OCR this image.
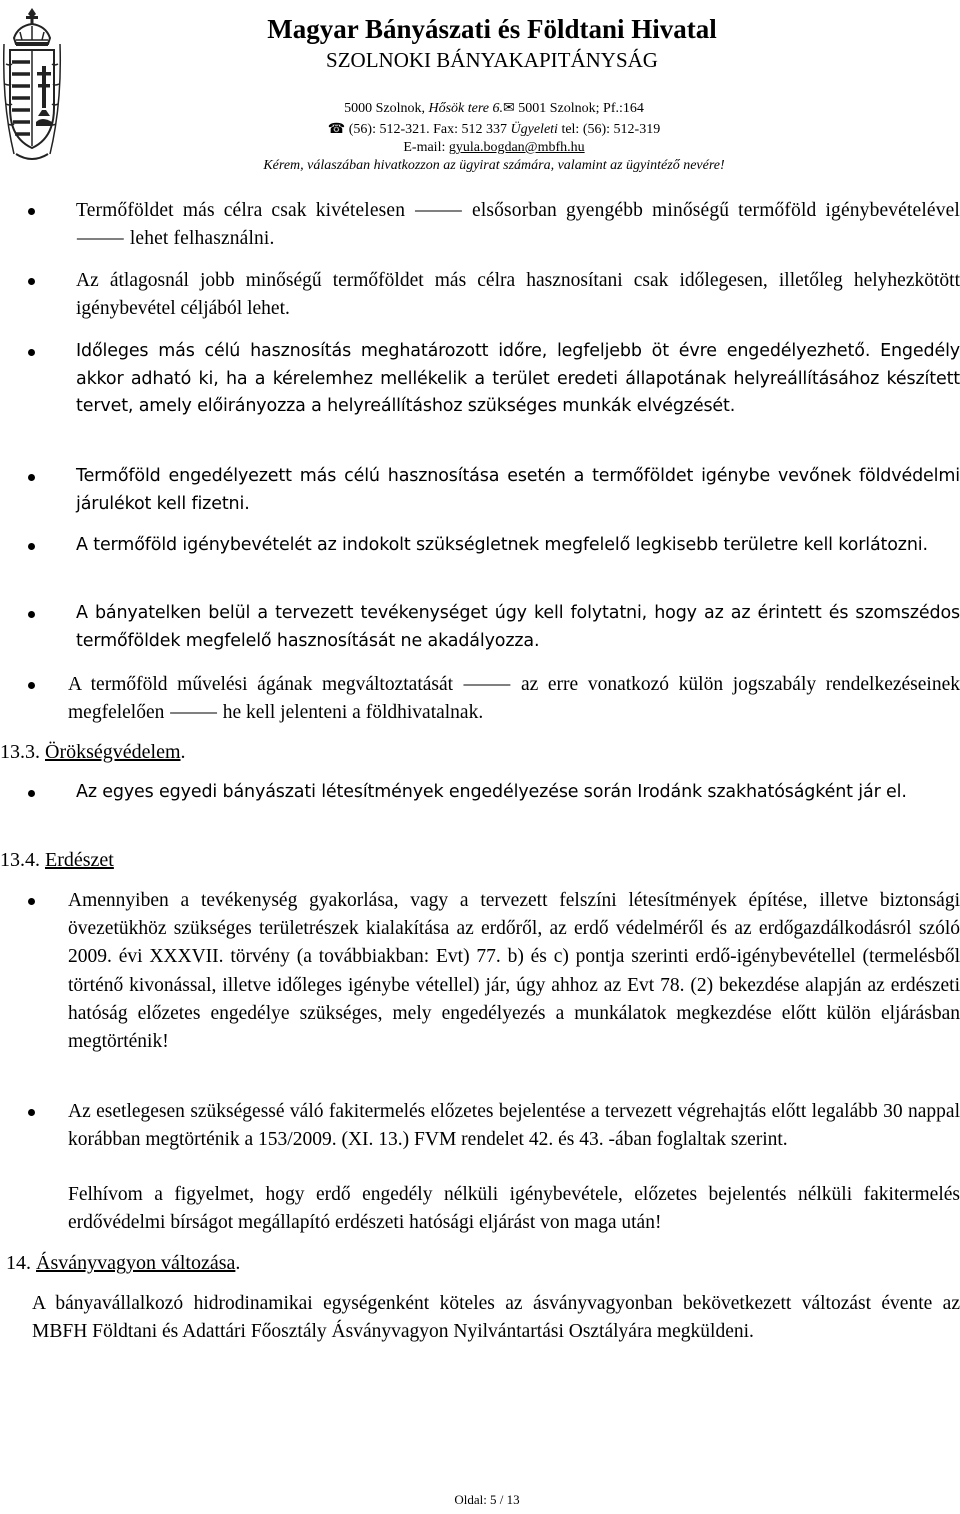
Magyar Bányászati és Földtani Hivatal
SZOLNOKI BÁNYAKAPITÁNYSÁG
5000 Szolnok, Hősök tere 6.✉ 5001 Szolnok; Pf.:164
☎ (56): 512-321. Fax: 512 337 Ügyeleti tel: (56): 512-319
E-mail: gyula.bogdan@mbfh.hu
Kérem, válaszában hivatkozzon az ügyirat számára, valamint az ügyintéző nevére!
Termőföldet más célra csak kivételesen ⸻ elsősorban gyengébb minőségű termőföld igénybevételével ⸻ lehet felhasználni.
Az átlagosnál jobb minőségű termőföldet más célra hasznosítani csak időlegesen, illetőleg helyhezkötött igénybevétel céljából lehet.
Időleges más célú hasznosítás meghatározott időre, legfeljebb öt évre engedélyezhető. Engedély akkor adható ki, ha a kérelemhez mellékelik a terület eredeti állapotának helyreállításához készített tervet, amely előirányozza a helyreállításhoz szükséges munkák elvégzését.
Termőföld engedélyezett más célú hasznosítása esetén a termőföldet igénybe vevőnek földvédelmi járulékot kell fizetni.
A termőföld igénybevételét az indokolt szükségletnek megfelelő legkisebb területre kell korlátozni.
A bányatelken belül a tervezett tevékenységet úgy kell folytatni, hogy az az érintett és szomszédos termőföldek megfelelő hasznosítását ne akadályozza.
A termőföld művelési ágának megváltoztatását ⸻ az erre vonatkozó külön jogszabály rendelkezéseinek megfelelően ⸻ he kell jelenteni a földhivatalnak.
13.3. Örökségvédelem.
Az egyes egyedi bányászati létesítmények engedélyezése során Irodánk szakhatóságként jár el.
13.4. Erdészet
Amennyiben a tevékenység gyakorlása, vagy a tervezett felszíni létesítmények építése, illetve biztonsági övezetükhöz szükséges területrészek kialakítása az erdőről, az erdő védelméről és az erdőgazdálkodásról szóló 2009. évi XXXVII. törvény (a továbbiakban: Evt) 77. b) és c) pontja szerinti erdő-igénybevétellel (termelésből történő kivonással, illetve időleges igénybe vétellel) jár, úgy ahhoz az Evt 78. (2) bekezdése alapján az erdészeti hatóság előzetes engedélye szükséges, mely engedélyezés a munkálatok megkezdése előtt külön eljárásban megtörténik!
Az esetlegesen szükségessé váló fakitermelés előzetes bejelentése a tervezett végrehajtás előtt legalább 30 nappal korábban megtörténik a 153/2009. (XI. 13.) FVM rendelet 42. és 43. -ában foglaltak szerint.
Felhívom a figyelmet, hogy erdő engedély nélküli igénybevétele, előzetes bejelentés nélküli fakitermelés erdővédelmi bírságot megállapító erdészeti hatósági eljárást von maga után!
14. Ásványvagyon változása.
A bányavállalkozó hidrodinamikai egységenként köteles az ásványvagyonban bekövetkezett változást évente az MBFH Földtani és Adattári Főosztály Ásványvagyon Nyilvántartási Osztályára megküldeni.
Oldal: 5 / 13
